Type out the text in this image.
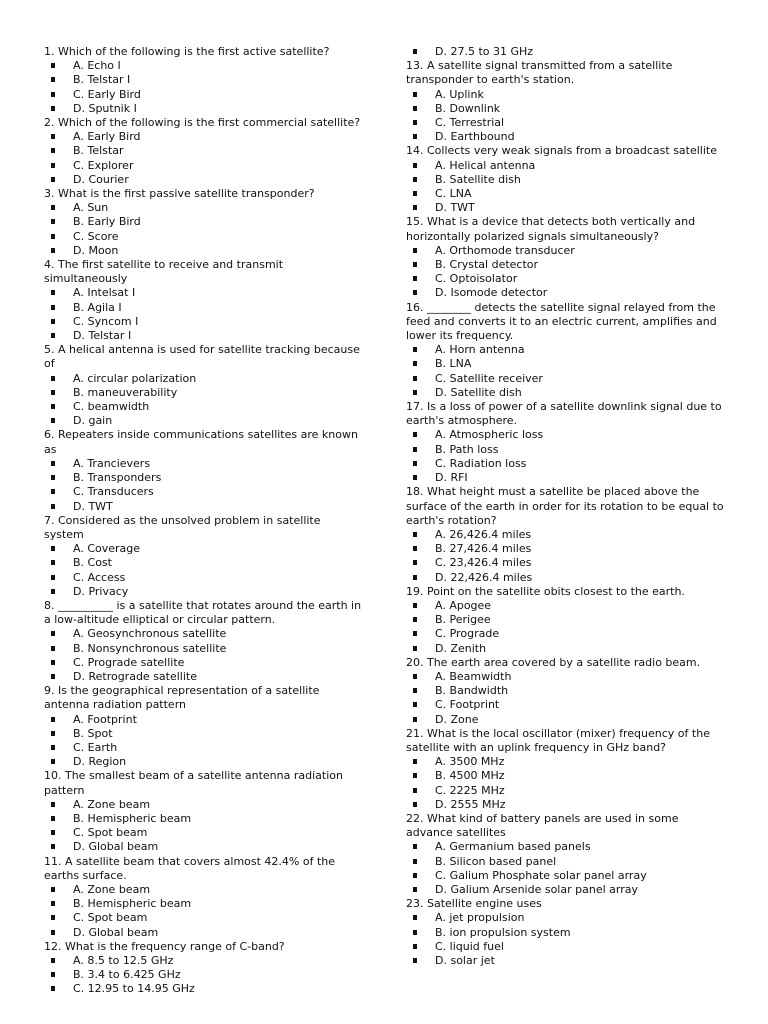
1. Which of the following is the first active satellite?

A. Echo I
B. Telstar I
C. Early Bird
D. Sputnik I

2. Which of the following is the first commercial satellite?

A. Early Bird
B. Telstar
C. Explorer
D. Courier

3. What is the first passive satellite transponder?

A. Sun
B. Early Bird
C. Score
D. Moon

4. The first satellite to receive and transmit simultaneously

A. Intelsat I
B. Agila I
C. Syncom I
D. Telstar I

5. A helical antenna is used for satellite tracking because of

A. circular polarization
B. maneuverability
C. beamwidth
D. gain

6. Repeaters inside communications satellites are known as

A. Trancievers
B. Transponders
C. Transducers
D. TWT

7. Considered as the unsolved problem in satellite system

A. Coverage
B. Cost
C. Access
D. Privacy

8. __________ is a satellite that rotates around the earth in a low-altitude elliptical or circular pattern.

A. Geosynchronous satellite
B. Nonsynchronous satellite
C. Prograde satellite
D. Retrograde satellite

9. Is the geographical representation of a satellite antenna radiation pattern

A. Footprint
B. Spot
C. Earth
D. Region

10. The smallest beam of a satellite antenna radiation pattern

A. Zone beam
B. Hemispheric beam
C. Spot beam
D. Global beam

11. A satellite beam that covers almost 42.4% of the earths surface.

A. Zone beam
B. Hemispheric beam
C. Spot beam
D. Global beam

12. What is the frequency range of C-band?

A. 8.5 to 12.5 GHz
B. 3.4 to 6.425 GHz
C. 12.95 to 14.95 GHz
D. 27.5 to 31 GHz

13. A satellite signal transmitted from a satellite transponder to earth's station.

A. Uplink
B. Downlink
C. Terrestrial
D. Earthbound

14. Collects very weak signals from a broadcast satellite

A. Helical antenna
B. Satellite dish
C. LNA
D. TWT

15. What is a device that detects both vertically and horizontally polarized signals simultaneously?

A. Orthomode transducer
B. Crystal detector
C. Optoisolator
D. Isomode detector

16. ________ detects the satellite signal relayed from the feed and converts it to an electric current, amplifies and lower its frequency.

A. Horn antenna
B. LNA
C. Satellite receiver
D. Satellite dish

17. Is a loss of power of a satellite downlink signal due to earth's atmosphere.

A. Atmospheric loss
B. Path loss
C. Radiation loss
D. RFI

18. What height must a satellite be placed above the surface of the earth in order for its rotation to be equal to earth's rotation?

A. 26,426.4 miles
B. 27,426.4 miles
C. 23,426.4 miles
D. 22,426.4 miles

19. Point on the satellite obits closest to the earth.

A. Apogee
B. Perigee
C. Prograde
D. Zenith

20. The earth area covered by a satellite radio beam.

A. Beamwidth
B. Bandwidth
C. Footprint
D. Zone

21. What is the local oscillator (mixer) frequency of the satellite with an uplink frequency in GHz band?

A. 3500 MHz
B. 4500 MHz
C. 2225 MHz
D. 2555 MHz

22. What kind of battery panels are used in some advance satellites

A. Germanium based panels
B. Silicon based panel
C. Galium Phosphate solar panel array
D. Galium Arsenide solar panel array

23. Satellite engine uses

A. jet propulsion
B. ion propulsion system
C. liquid fuel
D. solar jet
